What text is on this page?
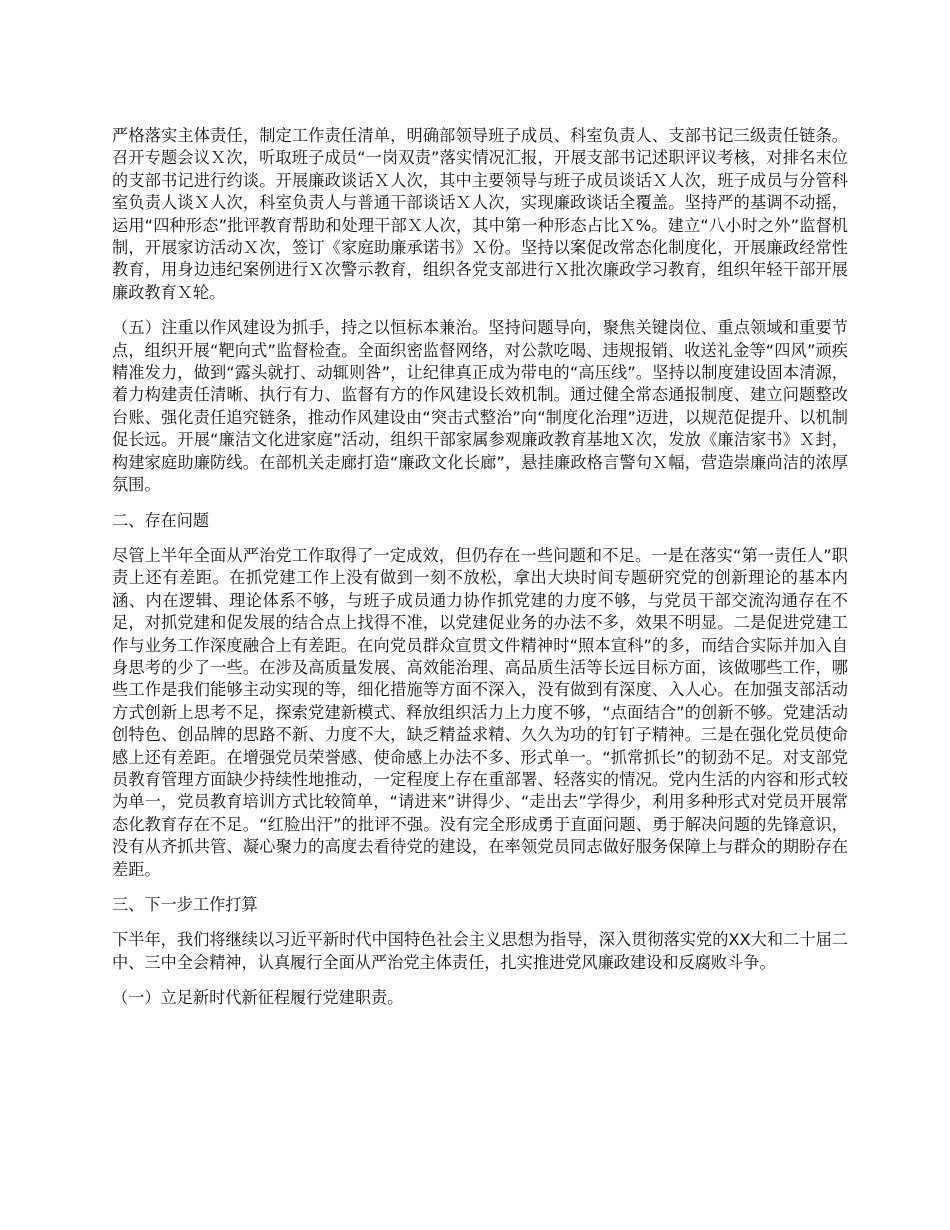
严格落实主体责任，制定工作责任清单，明确部领导班子成员、科室负责人、支部书记三级责任链条。召开专题会议Ｘ次，听取班子成员“一岗双责”落实情况汇报，开展支部书记述职评议考核，对排名末位的支部书记进行约谈。开展廉政谈话Ｘ人次，其中主要领导与班子成员谈话Ｘ人次，班子成员与分管科室负责人谈Ｘ人次，科室负责人与普通干部谈话Ｘ人次，实现廉政谈话全覆盖。坚持严的基调不动摇，运用“四种形态”批评教育帮助和处理干部Ｘ人次，其中第一种形态占比Ｘ%。建立“八小时之外”监督机制，开展家访活动Ｘ次，签订《家庭助廉承诺书》Ｘ份。坚持以案促改常态化制度化，开展廉政经常性教育，用身边违纪案例进行Ｘ次警示教育，组织各党支部进行Ｘ批次廉政学习教育，组织年轻干部开展廉政教育Ｘ轮。

（五）注重以作风建设为抓手，持之以恒标本兼治。坚持问题导向，聚焦关键岗位、重点领域和重要节点，组织开展“靶向式”监督检查。全面织密监督网络，对公款吃喝、违规报销、收送礼金等“四风”顽疾精准发力，做到“露头就打、动辄则咎”，让纪律真正成为带电的“高压线”。坚持以制度建设固本清源，着力构建责任清晰、执行有力、监督有方的作风建设长效机制。通过健全常态通报制度、建立问题整改台账、强化责任追究链条，推动作风建设由“突击式整治”向“制度化治理”迈进，以规范促提升、以机制促长远。开展“廉洁文化进家庭”活动，组织干部家属参观廉政教育基地Ｘ次，发放《廉洁家书》Ｘ封，构建家庭助廉防线。在部机关走廊打造“廉政文化长廊”，悬挂廉政格言警句Ｘ幅，营造崇廉尚洁的浓厚氛围。

二、存在问题

尽管上半年全面从严治党工作取得了一定成效，但仍存在一些问题和不足。一是在落实“第一责任人”职责上还有差距。在抓党建工作上没有做到一刻不放松，拿出大块时间专题研究党的创新理论的基本内涵、内在逻辑、理论体系不够，与班子成员通力协作抓党建的力度不够，与党员干部交流沟通存在不足，对抓党建和促发展的结合点上找得不准，以党建促业务的办法不多，效果不明显。二是促进党建工作与业务工作深度融合上有差距。在向党员群众宣贯文件精神时“照本宣科”的多，而结合实际并加入自身思考的少了一些。在涉及高质量发展、高效能治理、高品质生活等长远目标方面，该做哪些工作，哪些工作是我们能够主动实现的等，细化措施等方面不深入，没有做到有深度、入人心。在加强支部活动方式创新上思考不足，探索党建新模式、释放组织活力上力度不够，“点面结合”的创新不够。党建活动创特色、创品牌的思路不新、力度不大，缺乏精益求精、久久为功的钉钉子精神。三是在强化党员使命感上还有差距。在增强党员荣誉感、使命感上办法不多、形式单一。“抓常抓长”的韧劲不足。对支部党员教育管理方面缺少持续性地推动，一定程度上存在重部署、轻落实的情况。党内生活的内容和形式较为单一，党员教育培训方式比较简单，“请进来”讲得少、“走出去”学得少，利用多种形式对党员开展常态化教育存在不足。“红脸出汗”的批评不强。没有完全形成勇于直面问题、勇于解决问题的先锋意识，没有从齐抓共管、凝心聚力的高度去看待党的建设，在率领党员同志做好服务保障上与群众的期盼存在差距。

三、下一步工作打算

下半年，我们将继续以习近平新时代中国特色社会主义思想为指导，深入贯彻落实党的XX大和二十届二中、三中全会精神，认真履行全面从严治党主体责任，扎实推进党风廉政建设和反腐败斗争。

（一）立足新时代新征程履行党建职责。
